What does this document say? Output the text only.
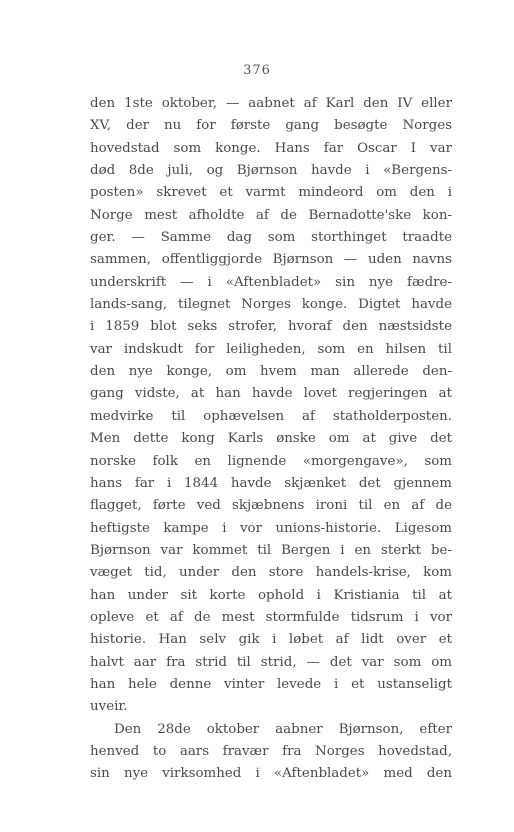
376
den 1ste oktober, — aabnet af Karl den IV eller
XV, der nu for første gang besøgte Norges
hovedstad som konge. Hans far Oscar I var
død 8de juli, og Bjørnson havde i «Bergens-
posten» skrevet et varmt mindeord om den i
Norge mest afholdte af de Bernadotte'ske kon-
ger. — Samme dag som storthinget traadte
sammen, offentliggjorde Bjørnson — uden navns
underskrift — i «Aftenbladet» sin nye fædre-
lands-sang, tilegnet Norges konge. Digtet havde
i 1859 blot seks strofer, hvoraf den næstsidste
var indskudt for leiligheden, som en hilsen til
den nye konge, om hvem man allerede den-
gang vidste, at han havde lovet regjeringen at
medvirke til ophævelsen af statholderposten.
Men dette kong Karls ønske om at give det
norske folk en lignende «morgengave», som
hans far i 1844 havde skjænket det gjennem
flagget, førte ved skjæbnens ironi til en af de
heftigste kampe i vor unions-historie. Ligesom
Bjørnson var kommet til Bergen i en sterkt be-
væget tid, under den store handels-krise, kom
han under sit korte ophold i Kristiania til at
opleve et af de mest stormfulde tidsrum i vor
historie. Han selv gik i løbet af lidt over et
halvt aar fra strid til strid, — det var som om
han hele denne vinter levede i et ustanseligt
uveir.
Den 28de oktober aabner Bjørnson, efter
henved to aars fravær fra Norges hovedstad,
sin nye virksomhed i «Aftenbladet» med den
